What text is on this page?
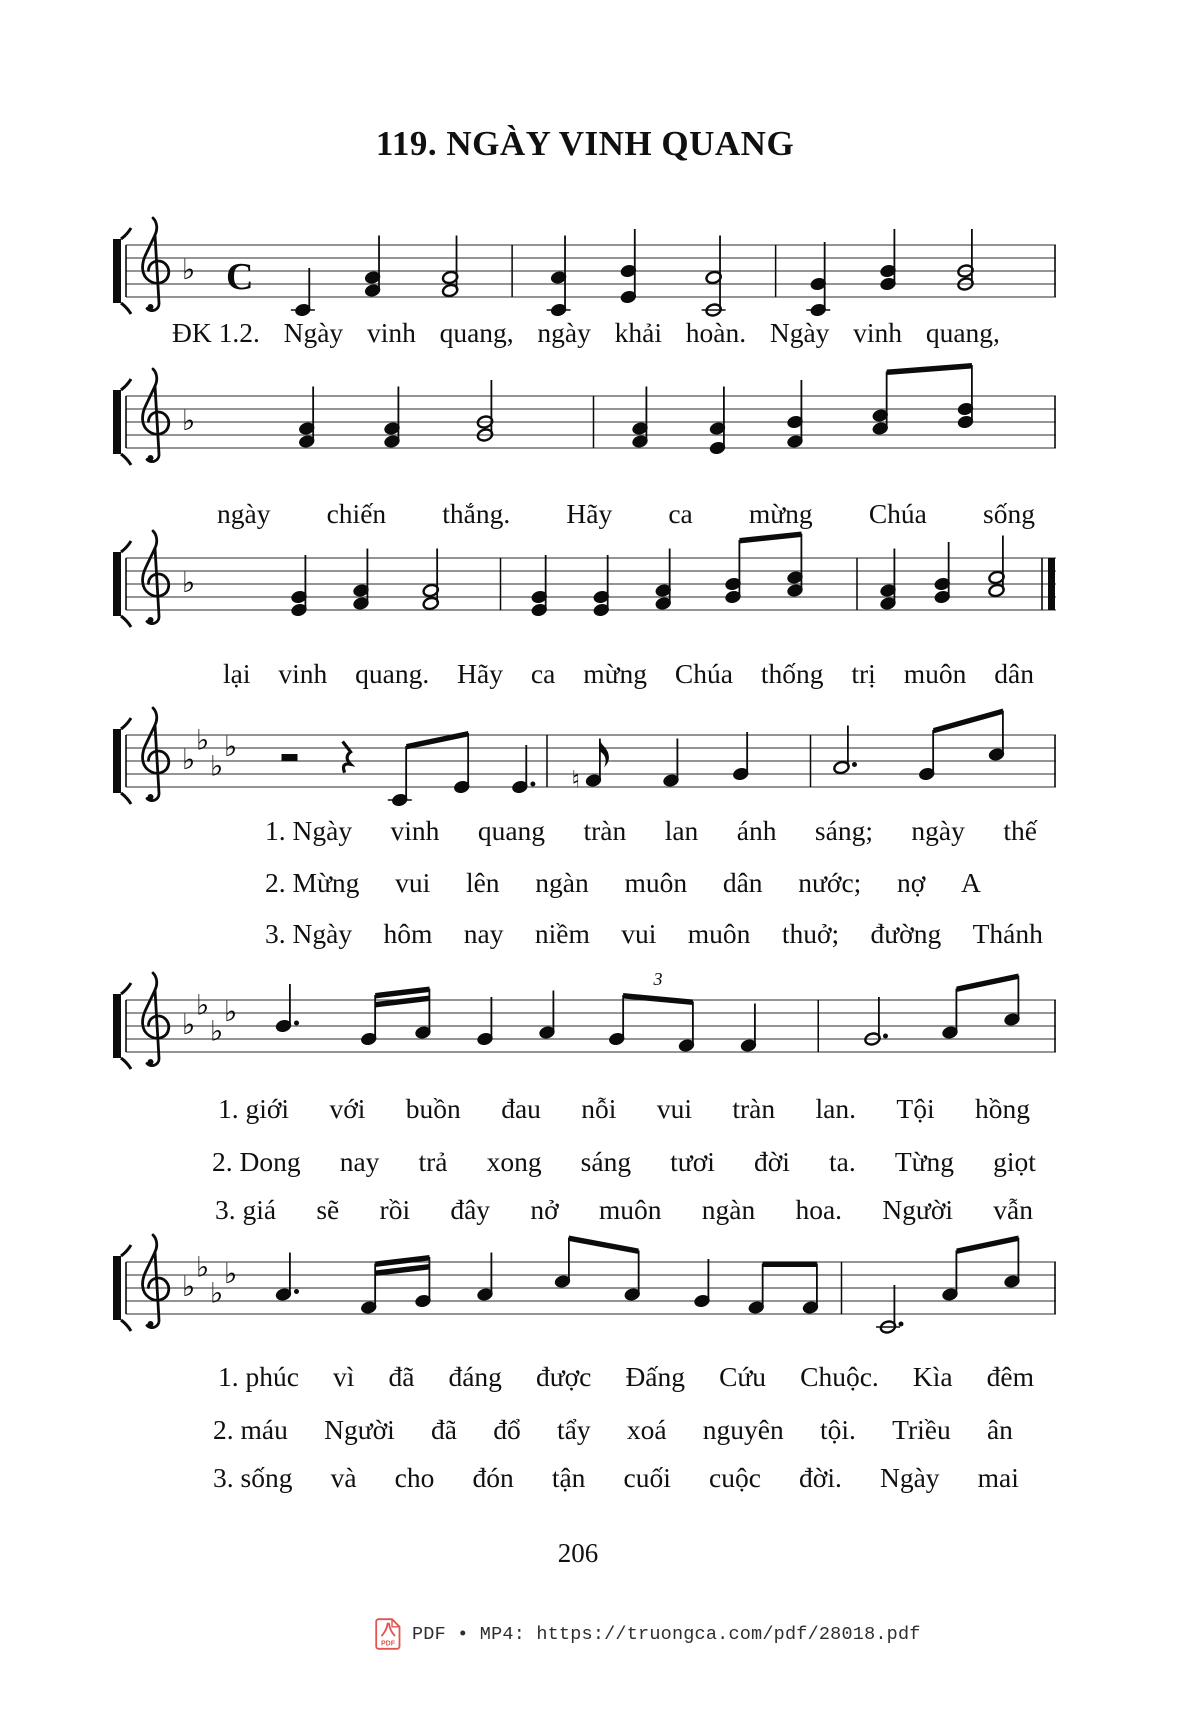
119. NGÀY VINH QUANG
♭ C
♭
♭
♭
♭
♭
♭
♮
♭
♭
♭
♭
3
♭
♭
♭
♭
ĐK 1.2. Ngày vinh quang, ngày khải hoàn. Ngày vinh quang,
ngày chiến thắng. Hãy ca mừng Chúa sống
lại vinh quang. Hãy ca mừng Chúa thống trị muôn dân
1. Ngày vinh quang tràn lan ánh sáng; ngày thế
2. Mừng vui lên ngàn muôn dân nước; nợ A
3. Ngày hôm nay niềm vui muôn thuở; đường Thánh
1. giới với buồn đau nỗi vui tràn lan. Tội hồng
2. Dong nay trả xong sáng tươi đời ta. Từng giọt
3. giá sẽ rồi đây nở muôn ngàn hoa. Người vẫn
1. phúc vì đã đáng được Đấng Cứu Chuộc. Kìa đêm
2. máu Người đã đổ tẩy xoá nguyên tội. Triều ân
3. sống và cho đón tận cuối cuộc đời. Ngày mai
206
PDF PDF • MP4: https://truongca.com/pdf/28018.pdf
